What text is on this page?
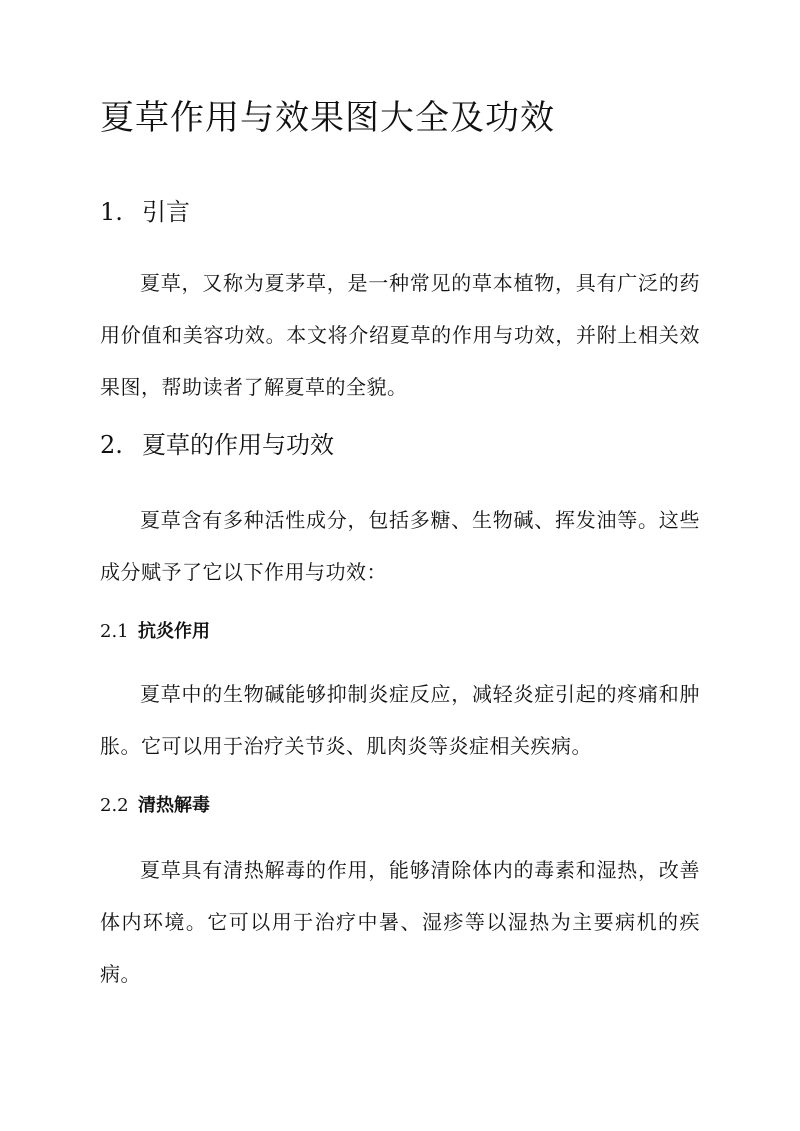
夏草作用与效果图大全及功效
1. 引言

夏草，又称为夏茅草，是一种常见的草本植物，具有广泛的药用价值和美容功效。本文将介绍夏草的作用与功效，并附上相关效果图，帮助读者了解夏草的全貌。

2. 夏草的作用与功效

夏草含有多种活性成分，包括多糖、生物碱、挥发油等。这些成分赋予了它以下作用与功效：

2.1 抗炎作用

夏草中的生物碱能够抑制炎症反应，减轻炎症引起的疼痛和肿胀。它可以用于治疗关节炎、肌肉炎等炎症相关疾病。

2.2 清热解毒

夏草具有清热解毒的作用，能够清除体内的毒素和湿热，改善体内环境。它可以用于治疗中暑、湿疹等以湿热为主要病机的疾病。
